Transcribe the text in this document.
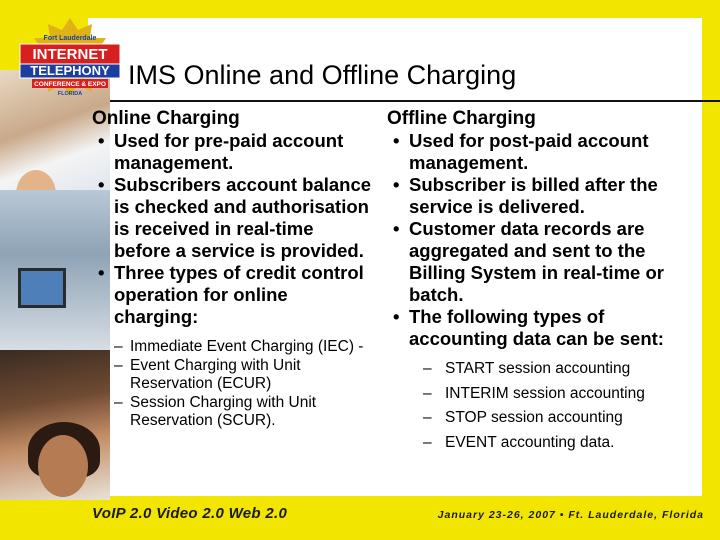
Fort Lauderdale
INTERNET
TELEPHONY
CONFERENCE & EXPO
FLORIDA
IMS Online and Offline Charging
Online Charging
• Used for pre-paid account management.
• Subscribers account balance is checked and authorisation is received in real-time before a service is provided.
• Three types of credit control operation for online charging:
– Immediate Event Charging (IEC) -
– Event Charging with Unit Reservation (ECUR)
– Session Charging with Unit Reservation (SCUR).
Offline Charging
• Used for post-paid account management.
• Subscriber is billed after the service is delivered.
• Customer data records are aggregated and sent to the Billing System in real-time or batch.
• The following types of accounting data can be sent:
– START session accounting
– INTERIM session accounting
– STOP session accounting
– EVENT accounting data.
VoIP 2.0 Video 2.0 Web 2.0	January 23-26, 2007 • Ft. Lauderdale, Florida
